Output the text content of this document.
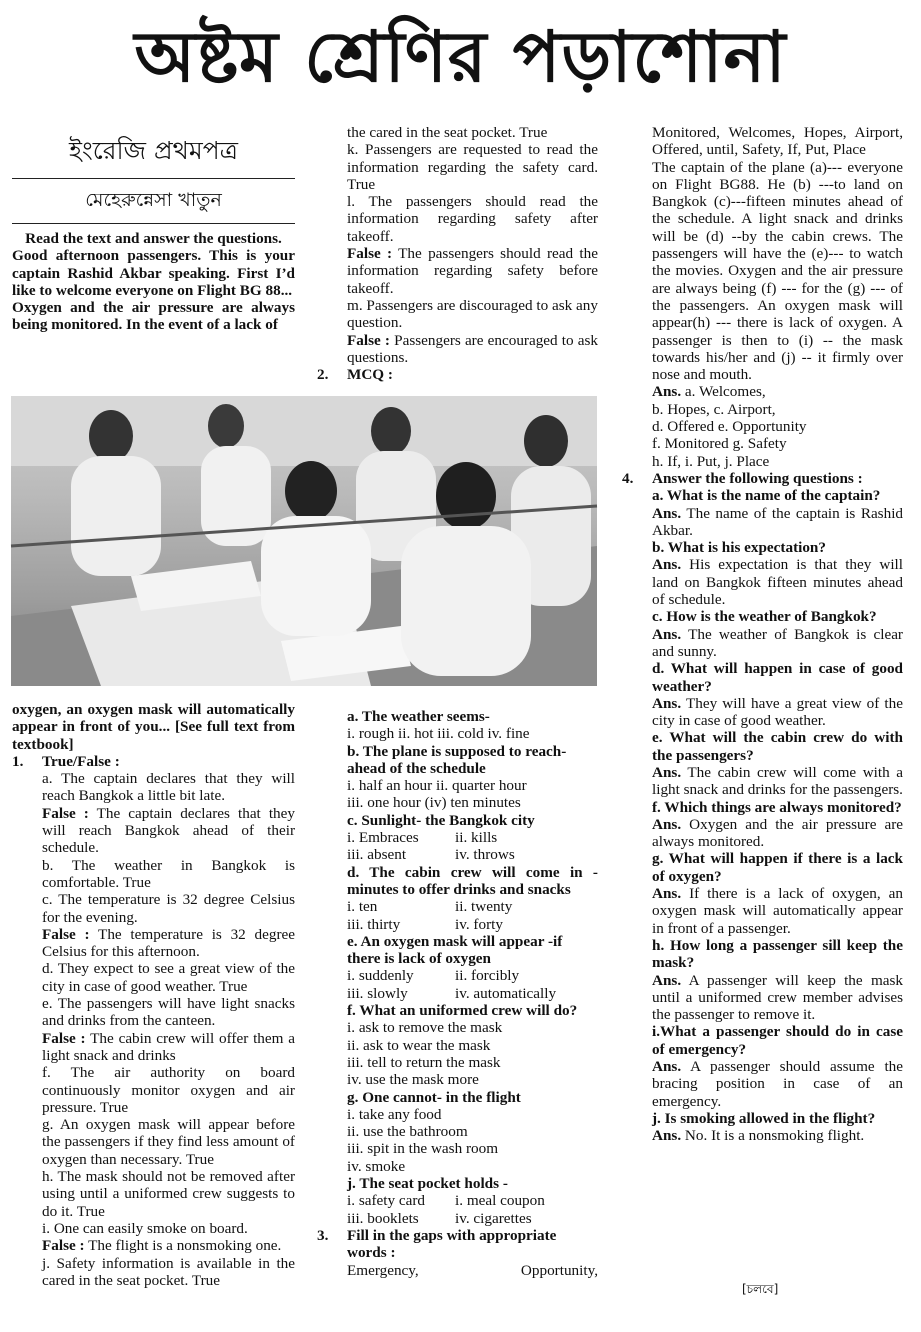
অষ্টম শ্রেণির পড়াশোনা
ইংরেজি প্রথমপত্র
মেহেরুন্নেসা খাতুন

Read the text and answer the questions.

Good afternoon passengers. This is your captain Rashid Akbar speaking. First I’d like to welcome everyone on Flight BG 88...

Oxygen and the air pressure are always being monitored. In the event of a lack of

oxygen, an oxygen mask will automatically appear in front of you... [See full text from textbook]

1. True/False :

a. The captain declares that they will reach Bangkok a little bit late.

False : The captain declares that they will reach Bangkok ahead of their schedule.

b. The weather in Bangkok is comfortable. True

c. The temperature is 32 degree Celsius for the evening.

False : The temperature is 32 degree Celsius for this afternoon.

d. They expect to see a great view of the city in case of good weather. True

e. The passengers will have light snacks and drinks from the canteen.

False : The cabin crew will offer them a light snack and drinks

f. The air authority on board continuously monitor oxygen and air pressure. True

g. An oxygen mask will appear before the passengers if they find less amount of oxygen than necessary. True

h. The mask should not be removed after using until a uniformed crew suggests to do it. True

i. One can easily smoke on board.

False : The flight is a nonsmoking one.

j. Safety information is available in the cared in the seat pocket. True

the cared in the seat pocket. True

k. Passengers are requested to read the information regarding the safety card. True

l. The passengers should read the information regarding safety after takeoff.

False : The passengers should read the information regarding safety before takeoff.

m. Passengers are discouraged to ask any question.

False : Passengers are encouraged to ask questions.

2. MCQ :

a. The weather seems-

i. rough ii. hot iii. cold iv. fine

b. The plane is supposed to reach- ahead of the schedule

i. half an hour ii. quarter hour

iii. one hour (iv) ten minutes

c. Sunlight- the Bangkok city

i. Embraces	ii. kills
iii. absent	iv. throws

d. The cabin crew will come in - minutes to offer drinks and snacks

i. ten	ii. twenty
iii. thirty	iv. forty

e. An oxygen mask will appear -if there is lack of oxygen

i. suddenly	ii. forcibly
iii. slowly	iv. automatically

f. What an uniformed crew will do?

i. ask to remove the mask

ii. ask to wear the mask

iii. tell to return the mask

iv. use the mask more

g. One cannot- in the flight

i. take any food

ii. use the bathroom

iii. spit in the wash room

iv. smoke

j. The seat pocket holds -

i. safety card	i. meal coupon
iii. booklets	iv. cigarettes

3. Fill in the gaps with appropriate words :

Emergency, Opportunity,

Monitored, Welcomes, Hopes, Airport, Offered, until, Safety, If, Put, Place

The captain of the plane (a)--- everyone on Flight BG88. He (b) ---to land on Bangkok (c)---fifteen minutes ahead of the schedule. A light snack and drinks will be (d) --by the cabin crews. The passengers will have the (e)--- to watch the movies. Oxygen and the air pressure are always being (f) --- for the (g) --- of the passengers. An oxygen mask will appear(h) --- there is lack of oxygen. A passenger is then to (i) -- the mask towards his/her and (j) -- it firmly over nose and mouth.

Ans. a. Welcomes,

b. Hopes, c. Airport,

d. Offered e. Opportunity

f. Monitored g. Safety

h. If, i. Put, j. Place

4. Answer the following questions :

a. What is the name of the captain?

Ans. The name of the captain is Rashid Akbar.

b. What is his expectation?

Ans. His expectation is that they will land on Bangkok fifteen minutes ahead of schedule.

c. How is the weather of Bangkok?

Ans. The weather of Bangkok is clear and sunny.

d. What will happen in case of good weather?

Ans. They will have a great view of the city in case of good weather.

e. What will the cabin crew do with the passengers?

Ans. The cabin crew will come with a light snack and drinks for the passengers.

f. Which things are always monitored?

Ans. Oxygen and the air pressure are always monitored.

g. What will happen if there is a lack of oxygen?

Ans. If there is a lack of oxygen, an oxygen mask will automatically appear in front of a passenger.

h. How long a passenger sill keep the mask?

Ans. A passenger will keep the mask until a uniformed crew member advises the passenger to remove it.

i.What a passenger should do in case of emergency?

Ans. A passenger should assume the bracing position in case of an emergency.

j. Is smoking allowed in the flight?

Ans. No. It is a nonsmoking flight.

[চলবে]
